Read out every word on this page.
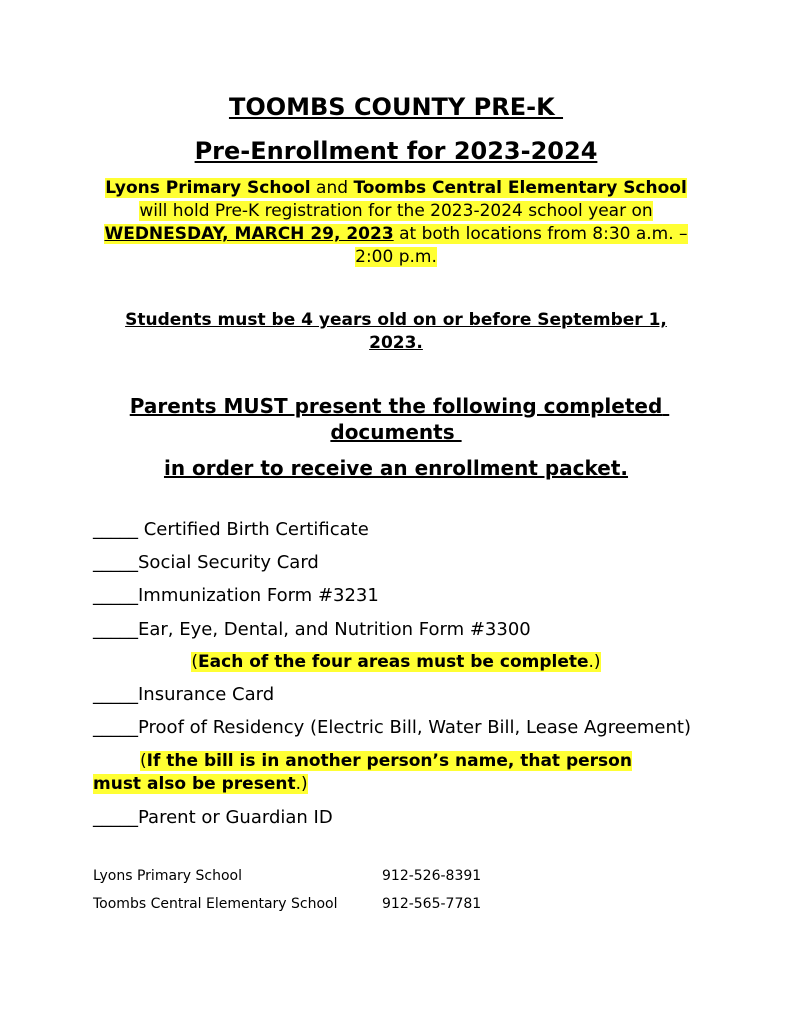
TOOMBS COUNTY PRE-K
Pre-Enrollment for 2023-2024

Lyons Primary School and Toombs Central Elementary School will hold Pre-K registration for the 2023-2024 school year on WEDNESDAY, MARCH 29, 2023 at both locations from 8:30 a.m. – 2:00 p.m.

Students must be 4 years old on or before September 1, 2023.

Parents MUST present the following completed documents

in order to receive an enrollment packet.

_____ Certified Birth Certificate

_____Social Security Card

_____Immunization Form #3231

_____Ear, Eye, Dental, and Nutrition Form #3300

(Each of the four areas must be complete.)

_____Insurance Card

_____Proof of Residency (Electric Bill, Water Bill, Lease Agreement)

(If the bill is in another person’s name, that person must also be present.)

_____Parent or Guardian ID

Lyons Primary School	912-526-8391

Toombs Central Elementary School	912-565-7781
